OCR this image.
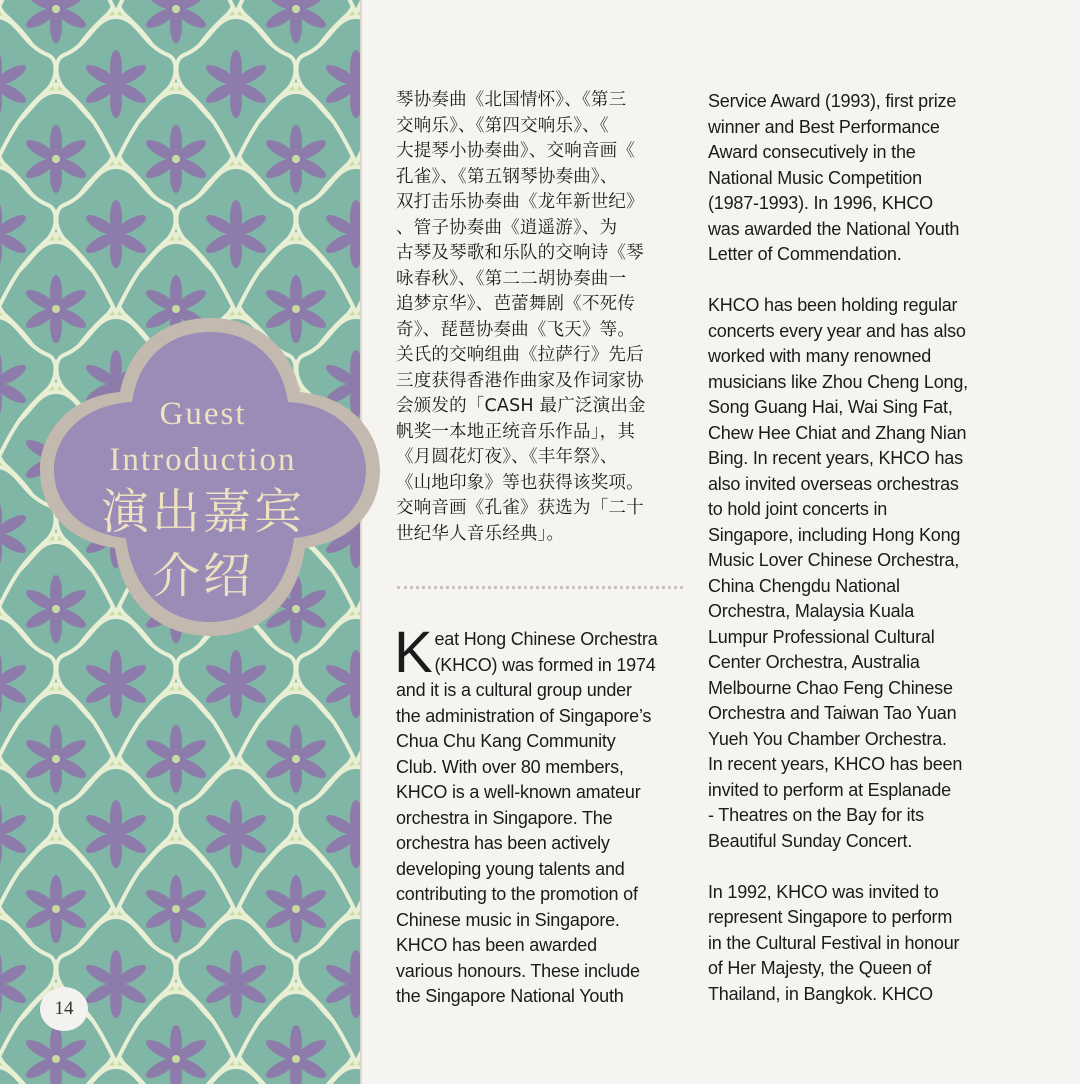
Guest
Introduction
演出嘉宾
介绍
14

琴协奏曲《北国情怀》、《第三
交响乐》、《第四交响乐》、《
大提琴小协奏曲》、交响音画《
孔雀》、《第五钢琴协奏曲》、
双打击乐协奏曲《龙年新世纪》
、管子协奏曲《逍遥游》、为
古琴及琴歌和乐队的交响诗《琴
咏春秋》、《第二二胡协奏曲一
追梦京华》、芭蕾舞剧《不死传
奇》、琵琶协奏曲《飞天》等。
关氏的交响组曲《拉萨行》先后
三度获得香港作曲家及作词家协
会颁发的「CASH 最广泛演出金
帆奖一本地正统音乐作品」，其
《月圆花灯夜》、《丰年祭》、
《山地印象》等也获得该奖项。
交响音画《孔雀》获选为「二十
世纪华人音乐经典」。

K eat Hong Chinese Orchestra
(KHCO) was formed in 1974
and it is a cultural group under
the administration of Singapore’s
Chua Chu Kang Community
Club. With over 80 members,
KHCO is a well-known amateur
orchestra in Singapore. The
orchestra has been actively
developing young talents and
contributing to the promotion of
Chinese music in Singapore.
KHCO has been awarded
various honours. These include
the Singapore National Youth

Service Award (1993), first prize
winner and Best Performance
Award consecutively in the
National Music Competition
(1987-1993). In 1996, KHCO
was awarded the National Youth
Letter of Commendation.

KHCO has been holding regular
concerts every year and has also
worked with many renowned
musicians like Zhou Cheng Long,
Song Guang Hai, Wai Sing Fat,
Chew Hee Chiat and Zhang Nian
Bing. In recent years, KHCO has
also invited overseas orchestras
to hold joint concerts in
Singapore, including Hong Kong
Music Lover Chinese Orchestra,
China Chengdu National
Orchestra, Malaysia Kuala
Lumpur Professional Cultural
Center Orchestra, Australia
Melbourne Chao Feng Chinese
Orchestra and Taiwan Tao Yuan
Yueh You Chamber Orchestra.
In recent years, KHCO has been
invited to perform at Esplanade
- Theatres on the Bay for its
Beautiful Sunday Concert.

In 1992, KHCO was invited to
represent Singapore to perform
in the Cultural Festival in honour
of Her Majesty, the Queen of
Thailand, in Bangkok. KHCO
